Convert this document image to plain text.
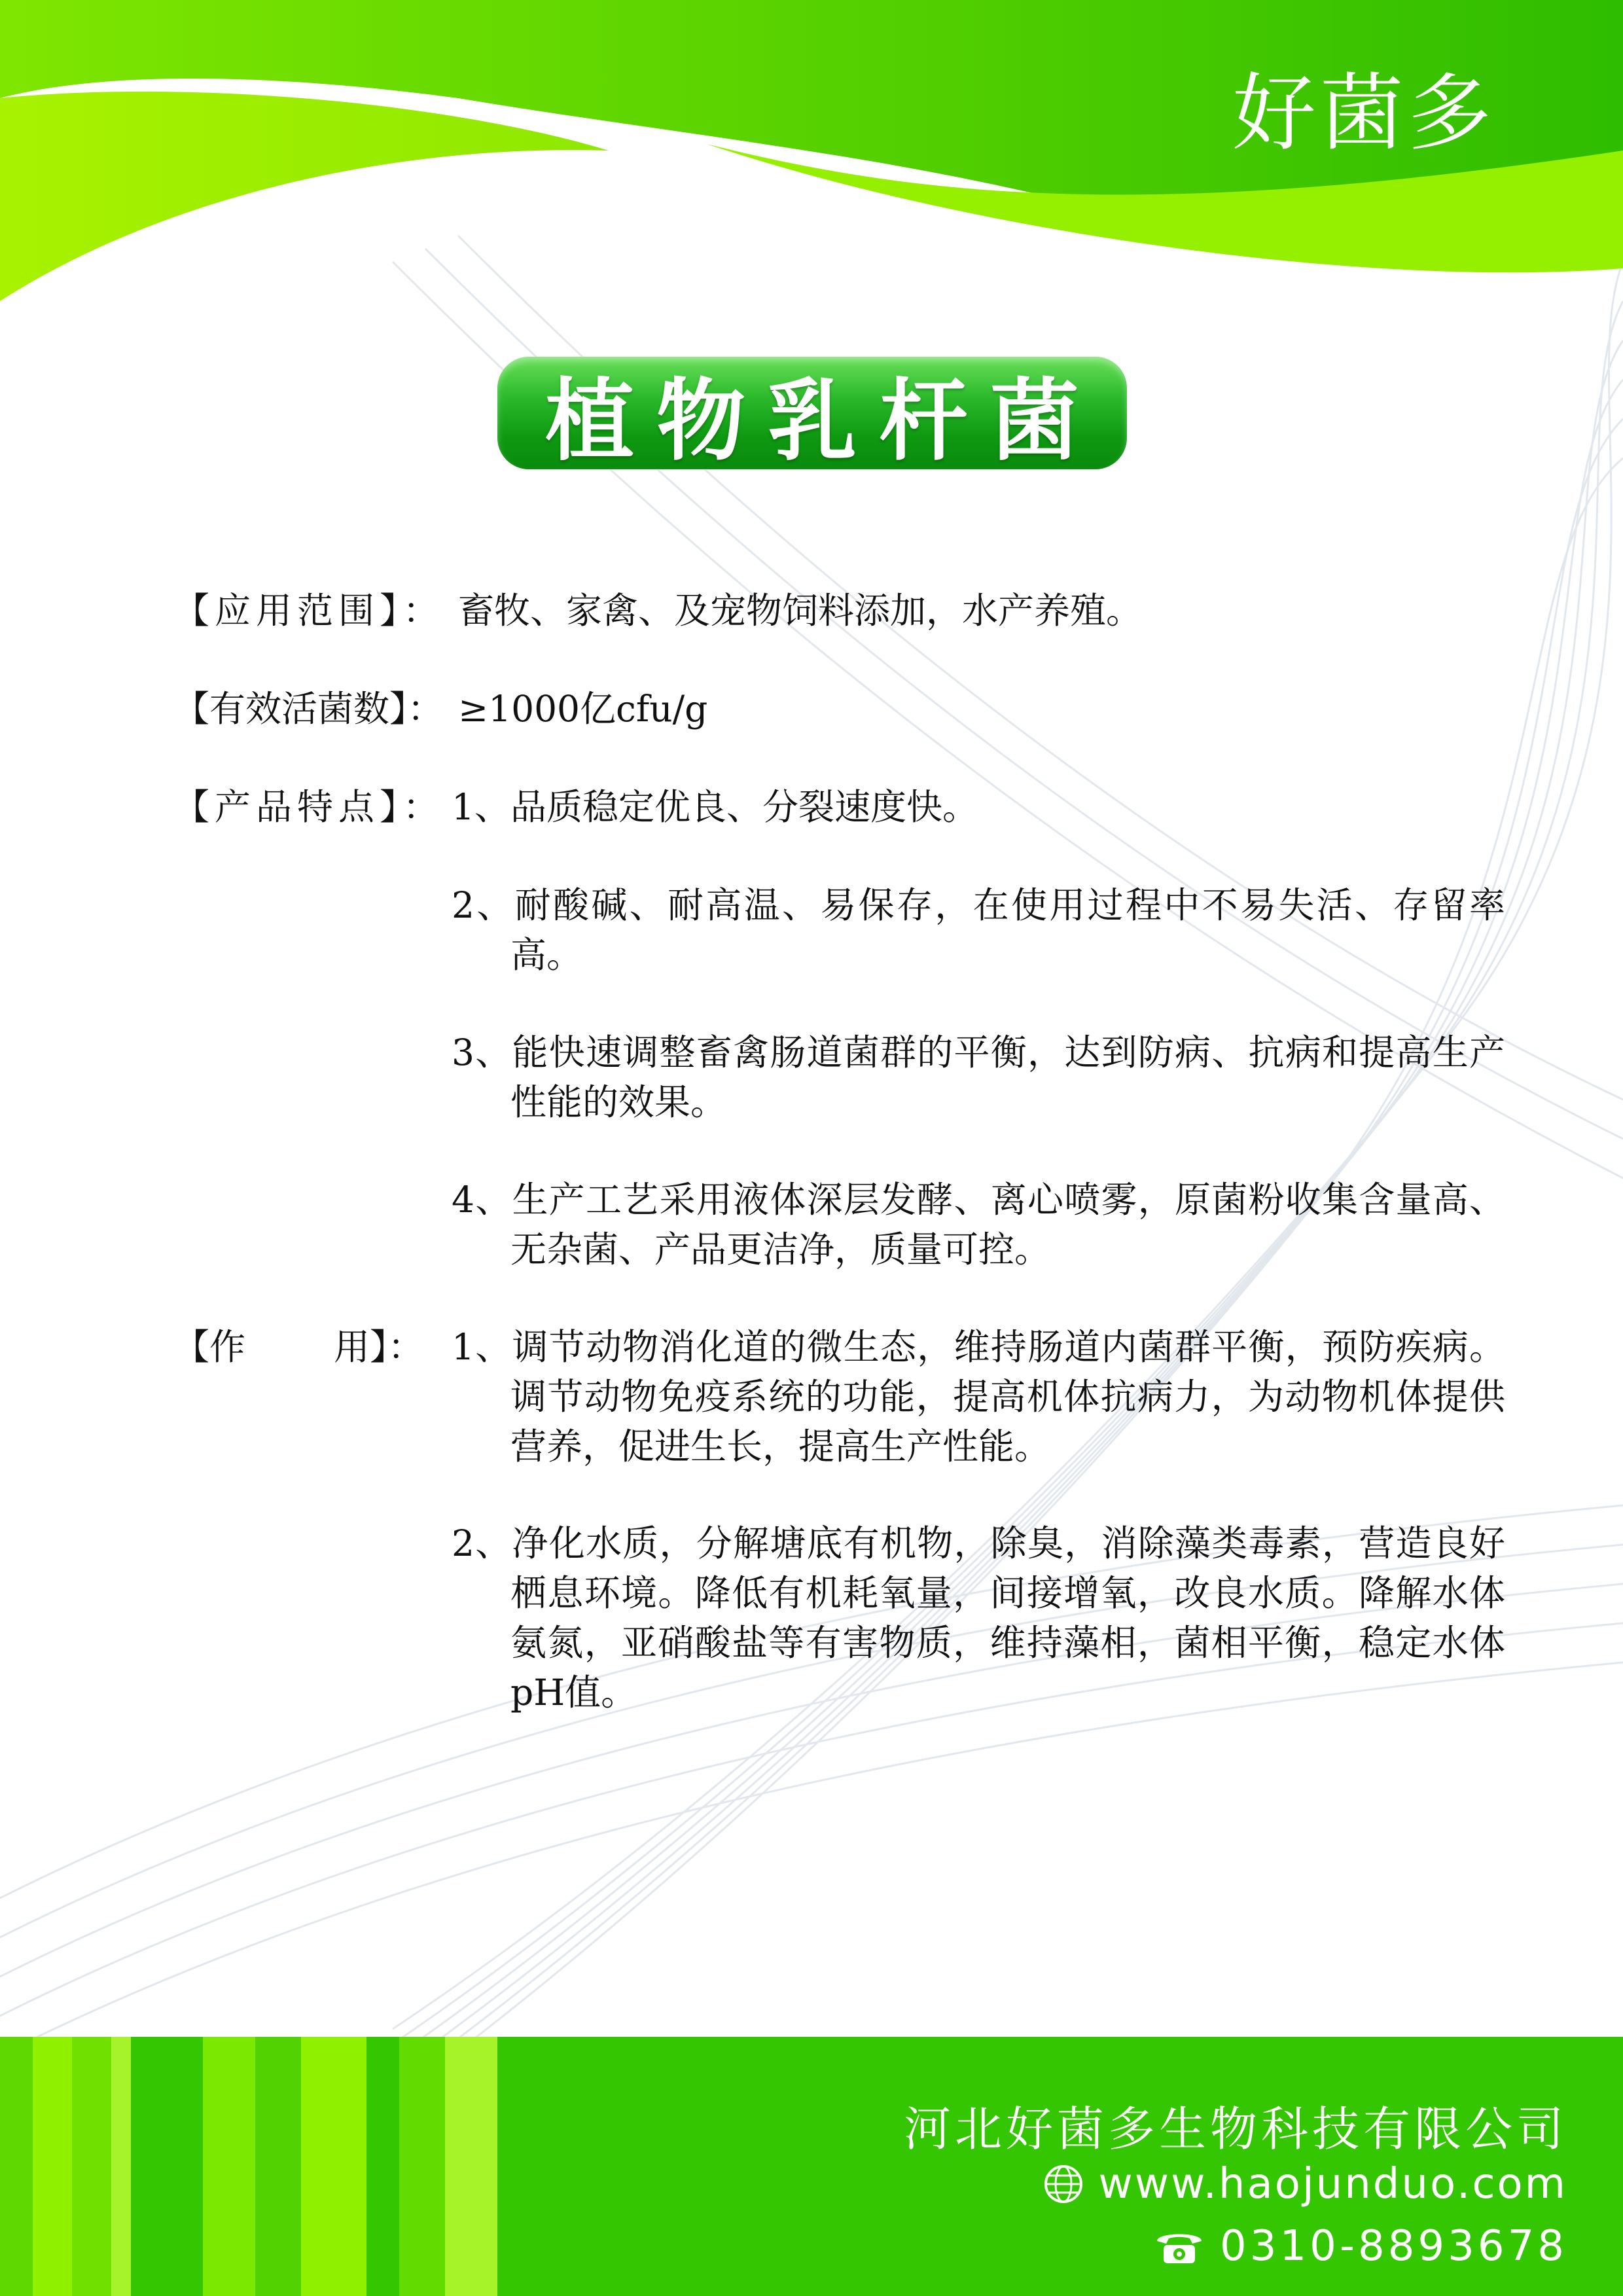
好菌多
植物乳杆菌
【应用范围】： 畜牧、家禽、及宠物饲料添加，水产养殖。
【有效活菌数】： ≥1000亿cfu/g
【产品特点】： 1、品质稳定优良、分裂速度快。
2、耐酸碱、耐高温、易保存，在使用过程中不易失活、存留率高。
3、能快速调整畜禽肠道菌群的平衡，达到防病、抗病和提高生产性能的效果。
4、生产工艺采用液体深层发酵、离心喷雾，原菌粉收集含量高、无杂菌、产品更洁净，质量可控。
【作 用】： 1、调节动物消化道的微生态，维持肠道内菌群平衡，预防疾病。调节动物免疫系统的功能，提高机体抗病力，为动物机体提供营养，促进生长，提高生产性能。
2、净化水质，分解塘底有机物，除臭，消除藻类毒素，营造良好栖息环境。降低有机耗氧量，间接增氧，改良水质。降解水体氨氮，亚硝酸盐等有害物质，维持藻相，菌相平衡，稳定水体pH值。
河北好菌多生物科技有限公司
www.haojunduo.com
0310-8893678
